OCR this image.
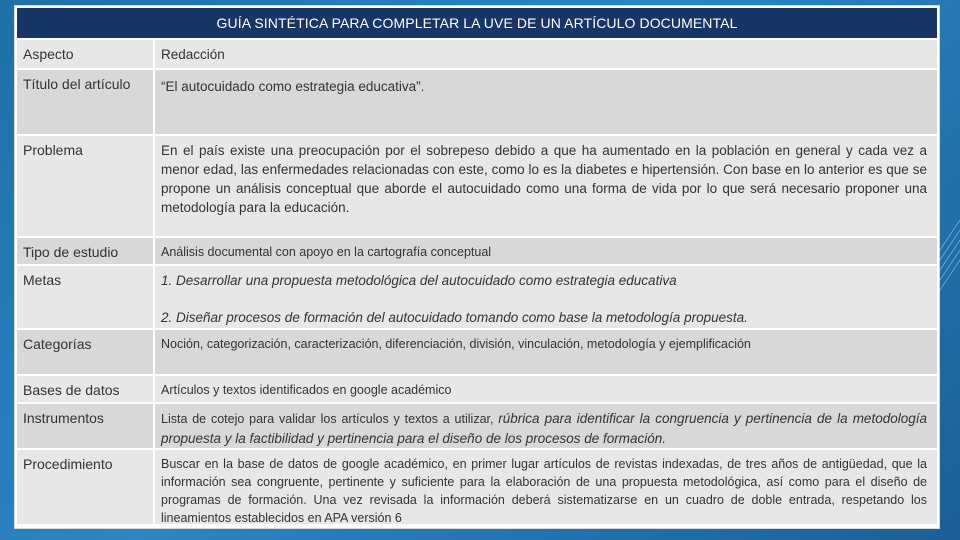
GUÍA SINTÉTICA PARA COMPLETAR LA UVE DE UN ARTÍCULO DOCUMENTAL
Aspecto	Redacción
Título del artículo	“El autocuidado como estrategia educativa”.
Problema	En el país existe una preocupación por el sobrepeso debido a que ha aumentado en la población en general y cada vez a menor edad, las enfermedades relacionadas con este, como lo es la diabetes e hipertensión. Con base en lo anterior es que se propone un análisis conceptual que aborde el autocuidado como una forma de vida por lo que será necesario proponer una metodología para la educación.
Tipo de estudio	Análisis documental con apoyo en la cartografía conceptual
Metas	1. Desarrollar una propuesta metodológica del autocuidado como estrategia educativa
2. Diseñar procesos de formación del autocuidado tomando como base la metodología propuesta.
Categorías	Noción, categorización, caracterización, diferenciación, división, vinculación, metodología y ejemplificación
Bases de datos	Artículos y textos identificados en google académico
Instrumentos	Lista de cotejo para validar los artículos y textos a utilizar, rúbrica para identificar la congruencia y pertinencia de la metodología propuesta y la factibilidad y pertinencia para el diseño de los procesos de formación.
Procedimiento	Buscar en la base de datos de google académico, en primer lugar artículos de revistas indexadas, de tres años de antigüedad, que la información sea congruente, pertinente y suficiente para la elaboración de una propuesta metodológica, así como para el diseño de programas de formación. Una vez revisada la información deberá sistematizarse en un cuadro de doble entrada, respetando los lineamientos establecidos en APA versión 6
